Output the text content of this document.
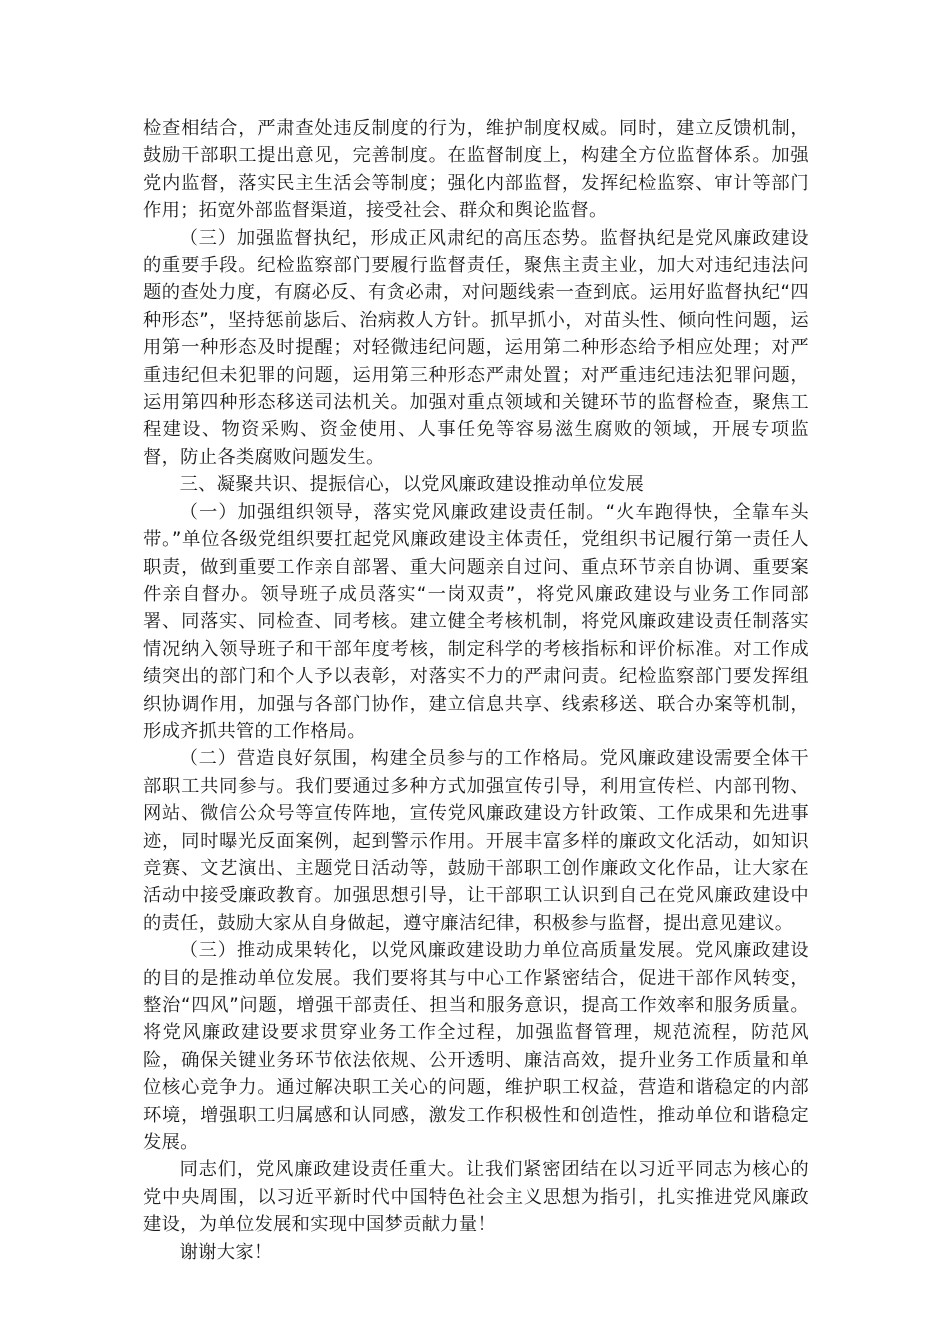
检查相结合，严肃查处违反制度的行为，维护制度权威。同时，建立反馈机制，鼓励干部职工提出意见，完善制度。在监督制度上，构建全方位监督体系。加强党内监督，落实民主生活会等制度；强化内部监督，发挥纪检监察、审计等部门作用；拓宽外部监督渠道，接受社会、群众和舆论监督。

（三）加强监督执纪，形成正风肃纪的高压态势。监督执纪是党风廉政建设的重要手段。纪检监察部门要履行监督责任，聚焦主责主业，加大对违纪违法问题的查处力度，有腐必反、有贪必肃，对问题线索一查到底。运用好监督执纪“四种形态”，坚持惩前毖后、治病救人方针。抓早抓小，对苗头性、倾向性问题，运用第一种形态及时提醒；对轻微违纪问题，运用第二种形态给予相应处理；对严重违纪但未犯罪的问题，运用第三种形态严肃处置；对严重违纪违法犯罪问题，运用第四种形态移送司法机关。加强对重点领域和关键环节的监督检查，聚焦工程建设、物资采购、资金使用、人事任免等容易滋生腐败的领域，开展专项监督，防止各类腐败问题发生。

三、凝聚共识、提振信心，以党风廉政建设推动单位发展

（一）加强组织领导，落实党风廉政建设责任制。“火车跑得快，全靠车头带。”单位各级党组织要扛起党风廉政建设主体责任，党组织书记履行第一责任人职责，做到重要工作亲自部署、重大问题亲自过问、重点环节亲自协调、重要案件亲自督办。领导班子成员落实“一岗双责”，将党风廉政建设与业务工作同部署、同落实、同检查、同考核。建立健全考核机制，将党风廉政建设责任制落实情况纳入领导班子和干部年度考核，制定科学的考核指标和评价标准。对工作成绩突出的部门和个人予以表彰，对落实不力的严肃问责。纪检监察部门要发挥组织协调作用，加强与各部门协作，建立信息共享、线索移送、联合办案等机制，形成齐抓共管的工作格局。

（二）营造良好氛围，构建全员参与的工作格局。党风廉政建设需要全体干部职工共同参与。我们要通过多种方式加强宣传引导，利用宣传栏、内部刊物、网站、微信公众号等宣传阵地，宣传党风廉政建设方针政策、工作成果和先进事迹，同时曝光反面案例，起到警示作用。开展丰富多样的廉政文化活动，如知识竞赛、文艺演出、主题党日活动等，鼓励干部职工创作廉政文化作品，让大家在活动中接受廉政教育。加强思想引导，让干部职工认识到自己在党风廉政建设中的责任，鼓励大家从自身做起，遵守廉洁纪律，积极参与监督，提出意见建议。

（三）推动成果转化，以党风廉政建设助力单位高质量发展。党风廉政建设的目的是推动单位发展。我们要将其与中心工作紧密结合，促进干部作风转变，整治“四风”问题，增强干部责任、担当和服务意识，提高工作效率和服务质量。将党风廉政建设要求贯穿业务工作全过程，加强监督管理，规范流程，防范风险，确保关键业务环节依法依规、公开透明、廉洁高效，提升业务工作质量和单位核心竞争力。通过解决职工关心的问题，维护职工权益，营造和谐稳定的内部环境，增强职工归属感和认同感，激发工作积极性和创造性，推动单位和谐稳定发展。

同志们，党风廉政建设责任重大。让我们紧密团结在以习近平同志为核心的党中央周围，以习近平新时代中国特色社会主义思想为指引，扎实推进党风廉政建设，为单位发展和实现中国梦贡献力量！

谢谢大家！
